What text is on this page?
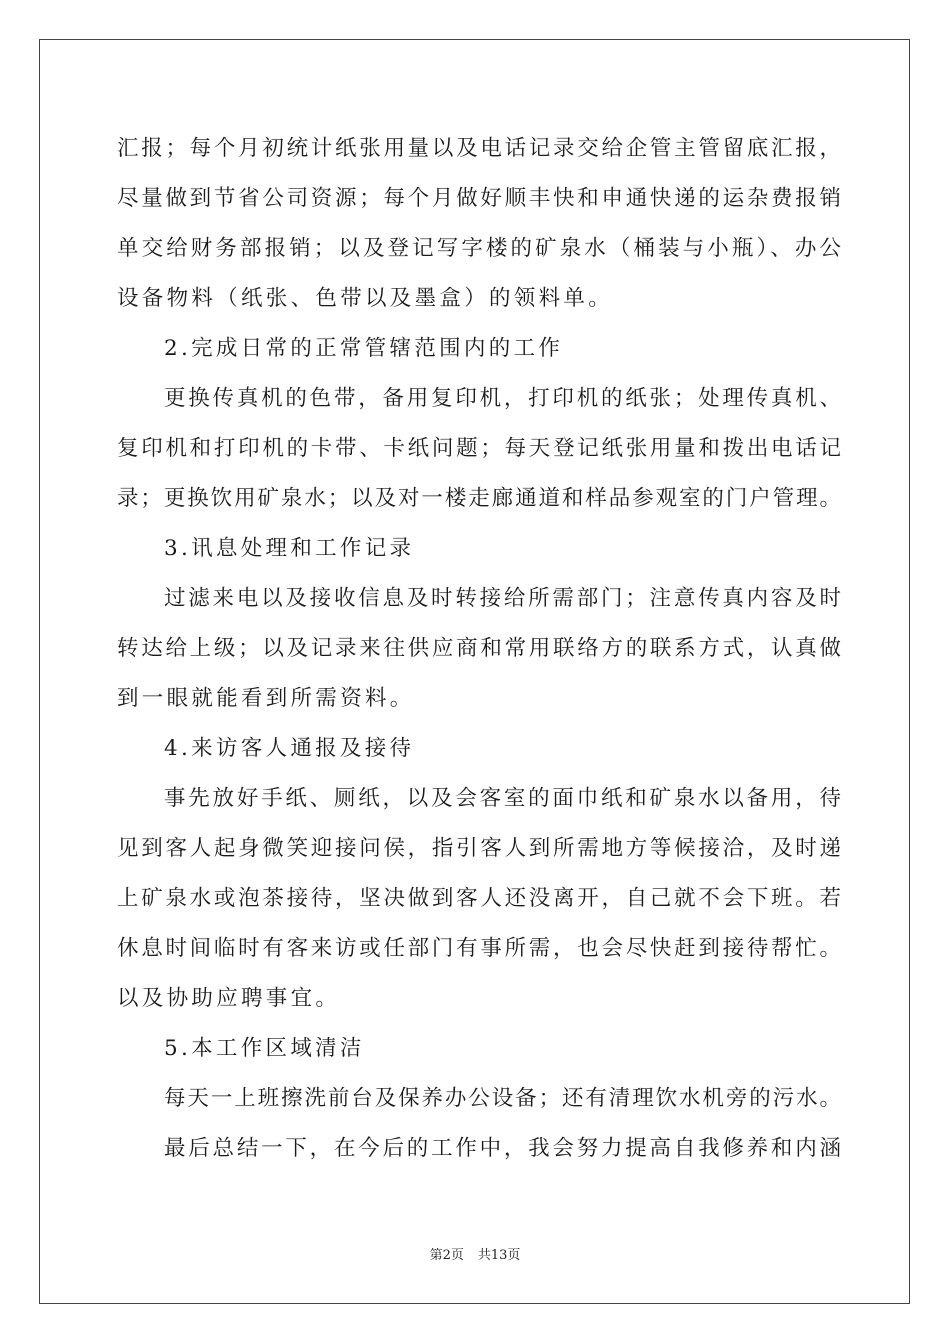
汇报；每个月初统计纸张用量以及电话记录交给企管主管留底汇报，
尽量做到节省公司资源；每个月做好顺丰快和申通快递的运杂费报销
单交给财务部报销；以及登记写字楼的矿泉水（桶装与小瓶）、办公
设备物料（纸张、色带以及墨盒）的领料单。
2.完成日常的正常管辖范围内的工作
更换传真机的色带，备用复印机，打印机的纸张；处理传真机、
复印机和打印机的卡带、卡纸问题；每天登记纸张用量和拨出电话记
录；更换饮用矿泉水；以及对一楼走廊通道和样品参观室的门户管理。
3.讯息处理和工作记录
过滤来电以及接收信息及时转接给所需部门；注意传真内容及时
转达给上级；以及记录来往供应商和常用联络方的联系方式，认真做
到一眼就能看到所需资料。
4.来访客人通报及接待
事先放好手纸、厕纸，以及会客室的面巾纸和矿泉水以备用，待
见到客人起身微笑迎接问侯，指引客人到所需地方等候接洽，及时递
上矿泉水或泡茶接待，坚决做到客人还没离开，自己就不会下班。若
休息时间临时有客来访或任部门有事所需，也会尽快赶到接待帮忙。
以及协助应聘事宜。
5.本工作区域清洁
每天一上班擦洗前台及保养办公设备；还有清理饮水机旁的污水。
最后总结一下，在今后的工作中，我会努力提高自我修养和内涵
第2页 共13页
